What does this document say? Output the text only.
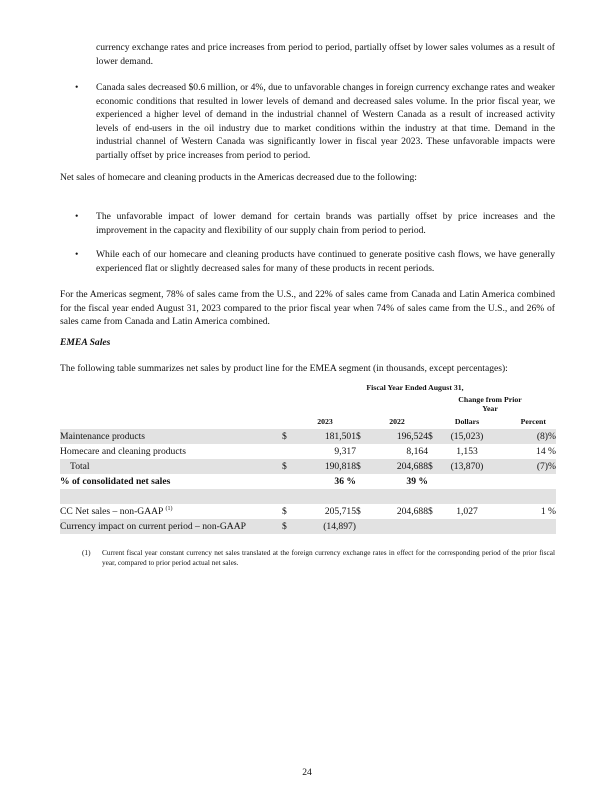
currency exchange rates and price increases from period to period, partially offset by lower sales volumes as a result of lower demand.
• Canada sales decreased $0.6 million, or 4%, due to unfavorable changes in foreign currency exchange rates and weaker economic conditions that resulted in lower levels of demand and decreased sales volume. In the prior fiscal year, we experienced a higher level of demand in the industrial channel of Western Canada as a result of increased activity levels of end-users in the oil industry due to market conditions within the industry at that time. Demand in the industrial channel of Western Canada was significantly lower in fiscal year 2023. These unfavorable impacts were partially offset by price increases from period to period.
Net sales of homecare and cleaning products in the Americas decreased due to the following:
• The unfavorable impact of lower demand for certain brands was partially offset by price increases and the improvement in the capacity and flexibility of our supply chain from period to period.
• While each of our homecare and cleaning products have continued to generate positive cash flows, we have generally experienced flat or slightly decreased sales for many of these products in recent periods.
For the Americas segment, 78% of sales came from the U.S., and 22% of sales came from Canada and Latin America combined for the fiscal year ended August 31, 2023 compared to the prior fiscal year when 74% of sales came from the U.S., and 26% of sales came from Canada and Latin America combined.
EMEA Sales
The following table summarizes net sales by product line for the EMEA segment (in thousands, except percentages):
Fiscal Year Ended August 31,
Change from Prior Year
		2023		2022		Dollars	Percent
Maintenance products	$	181,501	$	196,524	$	(15,023)	(8)%
Homecare and cleaning products		9,317		8,164		1,153	14 %
Total	$	190,818	$	204,688	$	(13,870)	(7)%
% of consolidated net sales		36 %		39 %			

CC Net sales – non-GAAP $^{(1)}$	$	205,715	$	204,688	$	1,027	1 %
Currency impact on current period – non-GAAP	$	(14,897)					
(1) Current fiscal year constant currency net sales translated at the foreign currency exchange rates in effect for the corresponding period of the prior fiscal year, compared to prior period actual net sales.
24
